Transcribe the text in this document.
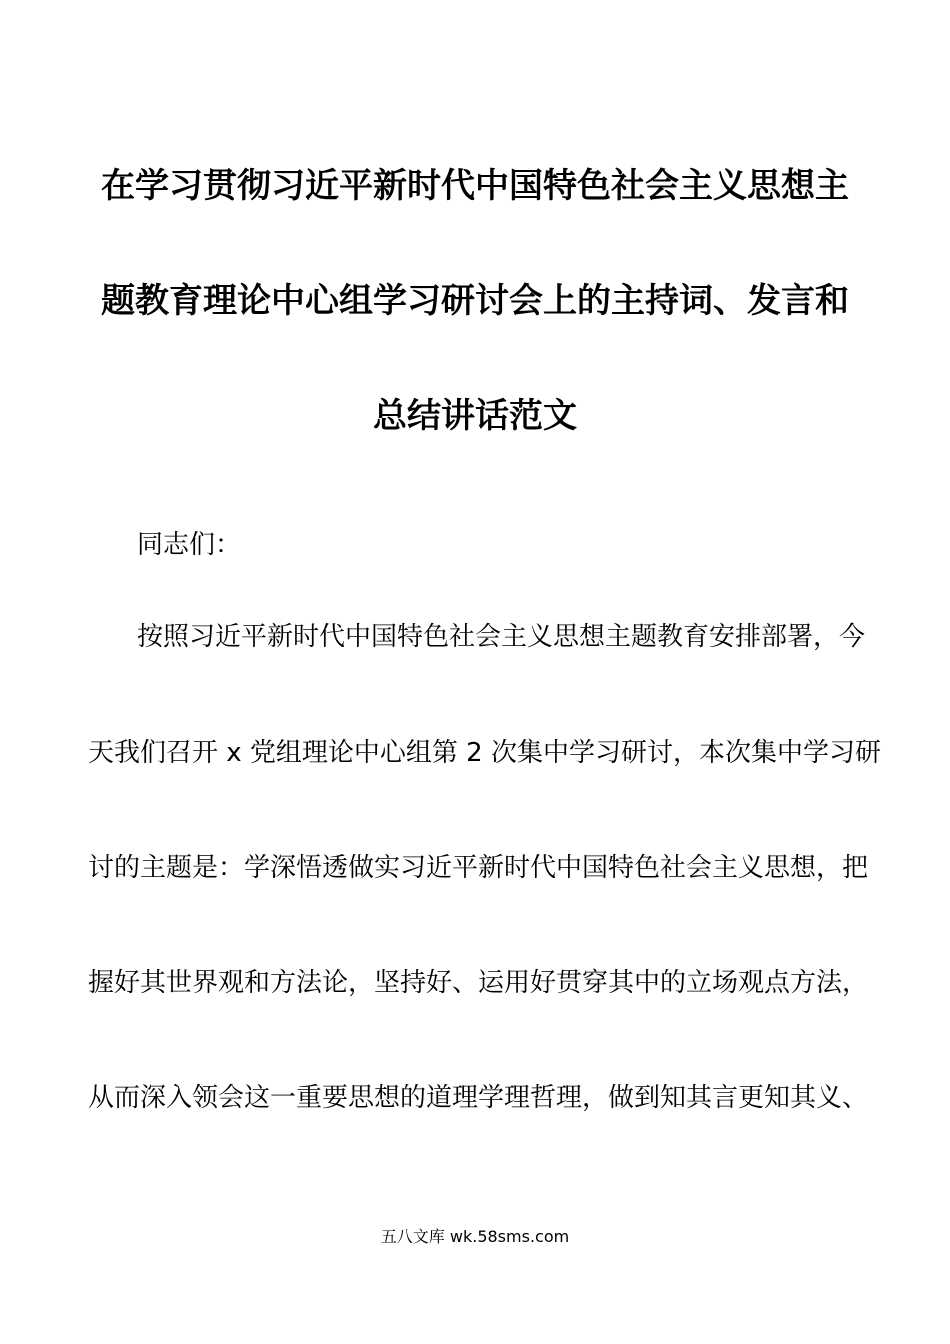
在学习贯彻习近平新时代中国特色社会主义思想主
题教育理论中心组学习研讨会上的主持词、发言和
总结讲话范文
同志们：
按照习近平新时代中国特色社会主义思想主题教育安排部署，今
天我们召开 x 党组理论中心组第 2 次集中学习研讨，本次集中学习研
讨的主题是：学深悟透做实习近平新时代中国特色社会主义思想，把
握好其世界观和方法论，坚持好、运用好贯穿其中的立场观点方法，
从而深入领会这一重要思想的道理学理哲理，做到知其言更知其义、
五八文库 wk.58sms.com
